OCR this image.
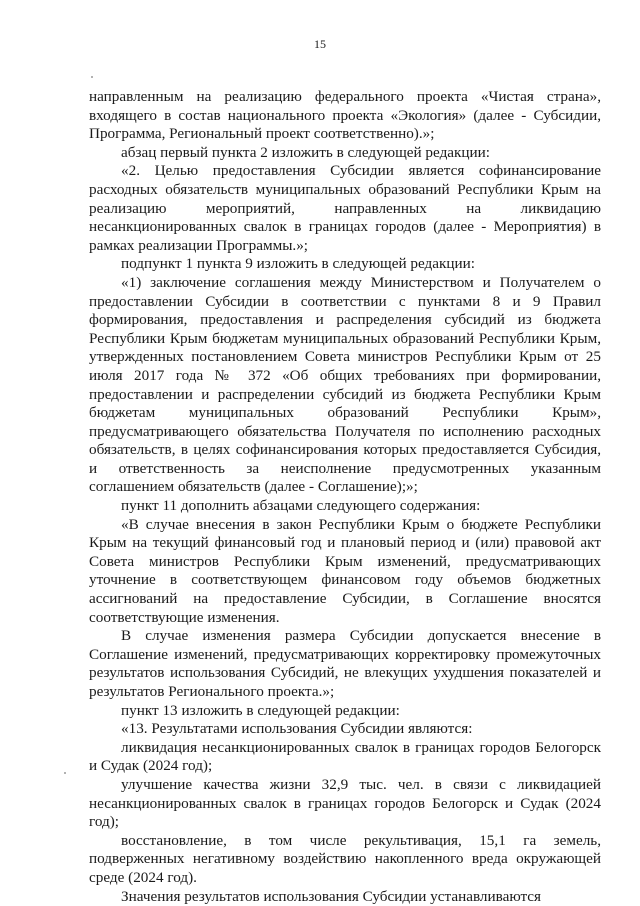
15

направленным на реализацию федерального проекта «Чистая страна», входящего в состав национального проекта «Экология» (далее - Субсидии, Программа, Региональный проект соответственно).»;

абзац первый пункта 2 изложить в следующей редакции:

«2. Целью предоставления Субсидии является софинансирование расходных обязательств муниципальных образований Республики Крым на реализацию мероприятий, направленных на ликвидацию несанкционированных свалок в границах городов (далее - Мероприятия) в рамках реализации Программы.»;

подпункт 1 пункта 9 изложить в следующей редакции:

«1) заключение соглашения между Министерством и Получателем о предоставлении Субсидии в соответствии с пунктами 8 и 9 Правил формирования, предоставления и распределения субсидий из бюджета Республики Крым бюджетам муниципальных образований Республики Крым, утвержденных постановлением Совета министров Республики Крым от 25 июля 2017 года № 372 «Об общих требованиях при формировании, предоставлении и распределении субсидий из бюджета Республики Крым бюджетам муниципальных образований Республики Крым», предусматривающего обязательства Получателя по исполнению расходных обязательств, в целях софинансирования которых предоставляется Субсидия, и ответственность за неисполнение предусмотренных указанным соглашением обязательств (далее - Соглашение);»;

пункт 11 дополнить абзацами следующего содержания:

«В случае внесения в закон Республики Крым о бюджете Республики Крым на текущий финансовый год и плановый период и (или) правовой акт Совета министров Республики Крым изменений, предусматривающих уточнение в соответствующем финансовом году объемов бюджетных ассигнований на предоставление Субсидии, в Соглашение вносятся соответствующие изменения.

В случае изменения размера Субсидии допускается внесение в Соглашение изменений, предусматривающих корректировку промежуточных результатов использования Субсидий, не влекущих ухудшения показателей и результатов Регионального проекта.»;

пункт 13 изложить в следующей редакции:

«13. Результатами использования Субсидии являются:

ликвидация несанкционированных свалок в границах городов Белогорск и Судак (2024 год);

улучшение качества жизни 32,9 тыс. чел. в связи с ликвидацией несанкционированных свалок в границах городов Белогорск и Судак (2024 год);

восстановление, в том числе рекультивация, 15,1 га земель, подверженных негативному воздействию накопленного вреда окружающей среде (2024 год).

Значения результатов использования Субсидии устанавливаются
